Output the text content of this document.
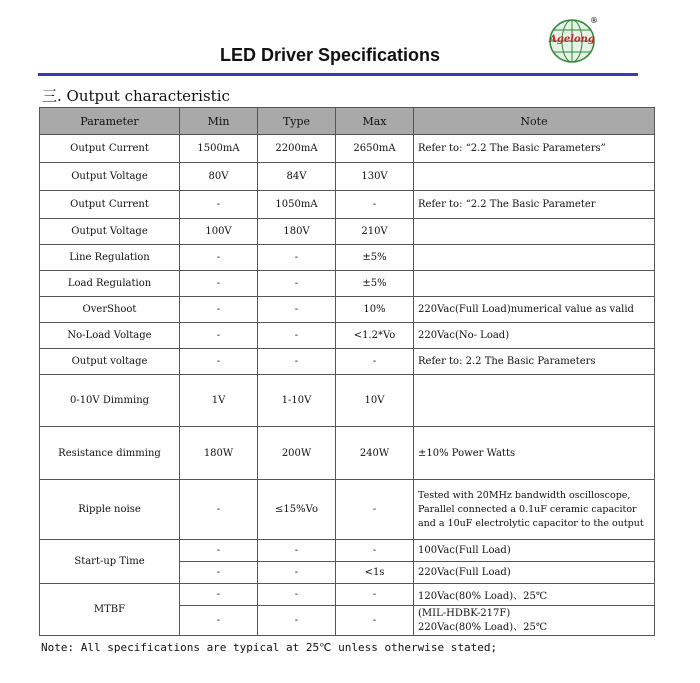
LED Driver Specifications
Agelong
®
三. Output characteristic
Parameter	Min	Type	Max	Note
Output Current	1500mA	2200mA	2650mA	Refer to: “2.2 The Basic Parameters”
Output Voltage	80V	84V	130V	
Output Current	-	1050mA	-	Refer to: “2.2 The Basic Parameter
Output Voltage	100V	180V	210V	
Line Regulation	-	-	±5%	
Load Regulation	-	-	±5%	
OverShoot	-	-	10%	220Vac(Full Load)numerical value as valid
No-Load Voltage	-	-	<1.2*Vo	220Vac(No- Load)
Output voltage	-	-	-	Refer to: 2.2 The Basic Parameters
0-10V Dimming	1V	1-10V	10V	
Resistance dimming	180W	200W	240W	±10% Power Watts
Ripple noise	-	≤15%Vo	-	Tested with 20MHz bandwidth oscilloscope, Parallel connected a 0.1uF ceramic capacitor and a 10uF electrolytic capacitor to the output
Start-up Time	-	-	-	100Vac(Full Load)
	-	-	<1s	220Vac(Full Load)
MTBF	-	-	-	120Vac(80% Load)、25℃
	-	-	-	(MIL-HDBK-217F)
220Vac(80% Load)、25℃
Note: All specifications are typical at 25℃ unless otherwise stated;
